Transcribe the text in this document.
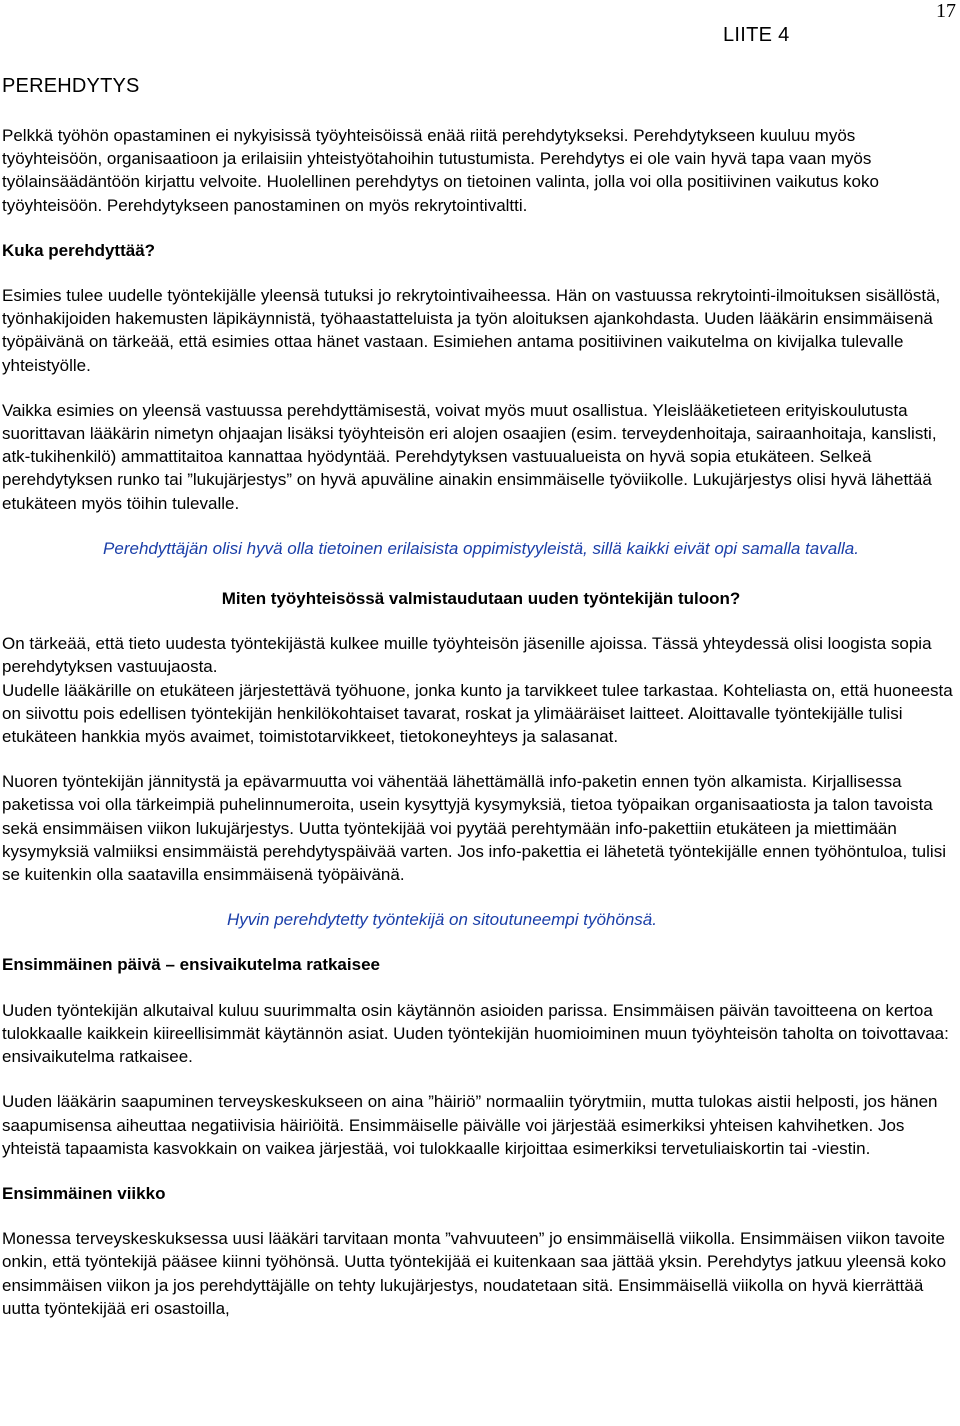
17
LIITE 4
PEREHDYTYS

Pelkkä työhön opastaminen ei nykyisissä työyhteisöissä enää riitä perehdytykseksi. Perehdytykseen kuuluu myös työyhteisöön, organisaatioon ja erilaisiin yhteistyötahoihin tutustumista. Perehdytys ei ole vain hyvä tapa vaan myös työlainsäädäntöön kirjattu velvoite. Huolellinen perehdytys on tietoinen valinta, jolla voi olla positiivinen vaikutus koko työyhteisöön. Perehdytykseen panostaminen on myös rekrytointivaltti.

Kuka perehdyttää?

Esimies tulee uudelle työntekijälle yleensä tutuksi jo rekrytointivaiheessa. Hän on vastuussa rekrytointi-ilmoituksen sisällöstä, työnhakijoiden hakemusten läpikäynnistä, työhaastatteluista ja työn aloituksen ajankohdasta. Uuden lääkärin ensimmäisenä työpäivänä on tärkeää, että esimies ottaa hänet vastaan. Esimiehen antama positiivinen vaikutelma on kivijalka tulevalle yhteistyölle.

Vaikka esimies on yleensä vastuussa perehdyttämisestä, voivat myös muut osallistua. Yleislääketieteen erityiskoulutusta suorittavan lääkärin nimetyn ohjaajan lisäksi työyhteisön eri alojen osaajien (esim. terveydenhoitaja, sairaanhoitaja, kanslisti, atk-tukihenkilö) ammattitaitoa kannattaa hyödyntää. Perehdytyksen vastuualueista on hyvä sopia etukäteen. Selkeä perehdytyksen runko tai ”lukujärjestys” on hyvä apuväline ainakin ensimmäiselle työviikolle. Lukujärjestys olisi hyvä lähettää etukäteen myös töihin tulevalle.

Perehdyttäjän olisi hyvä olla tietoinen erilaisista oppimistyyleistä, sillä kaikki eivät opi samalla tavalla.

Miten työyhteisössä valmistaudutaan uuden työntekijän tuloon?

On tärkeää, että tieto uudesta työntekijästä kulkee muille työyhteisön jäsenille ajoissa. Tässä yhteydessä olisi loogista sopia perehdytyksen vastuujaosta.

Uudelle lääkärille on etukäteen järjestettävä työhuone, jonka kunto ja tarvikkeet tulee tarkastaa. Kohteliasta on, että huoneesta on siivottu pois edellisen työntekijän henkilökohtaiset tavarat, roskat ja ylimääräiset laitteet. Aloittavalle työntekijälle tulisi etukäteen hankkia myös avaimet, toimistotarvikkeet, tietokoneyhteys ja salasanat.

Nuoren työntekijän jännitystä ja epävarmuutta voi vähentää lähettämällä info-paketin ennen työn alkamista. Kirjallisessa paketissa voi olla tärkeimpiä puhelinnumeroita, usein kysyttyjä kysymyksiä, tietoa työpaikan organisaatiosta ja talon tavoista sekä ensimmäisen viikon lukujärjestys. Uutta työntekijää voi pyytää perehtymään info-pakettiin etukäteen ja miettimään kysymyksiä valmiiksi ensimmäistä perehdytyspäivää varten. Jos info-pakettia ei lähetetä työntekijälle ennen työhöntuloa, tulisi se kuitenkin olla saatavilla ensimmäisenä työpäivänä.

Hyvin perehdytetty työntekijä on sitoutuneempi työhönsä.

Ensimmäinen päivä – ensivaikutelma ratkaisee

Uuden työntekijän alkutaival kuluu suurimmalta osin käytännön asioiden parissa. Ensimmäisen päivän tavoitteena on kertoa tulokkaalle kaikkein kiireellisimmät käytännön asiat. Uuden työntekijän huomioiminen muun työyhteisön taholta on toivottavaa: ensivaikutelma ratkaisee.

Uuden lääkärin saapuminen terveyskeskukseen on aina ”häiriö” normaaliin työrytmiin, mutta tulokas aistii helposti, jos hänen saapumisensa aiheuttaa negatiivisia häiriöitä. Ensimmäiselle päivälle voi järjestää esimerkiksi yhteisen kahvihetken. Jos yhteistä tapaamista kasvokkain on vaikea järjestää, voi tulokkaalle kirjoittaa esimerkiksi tervetuliaiskortin tai -viestin.

Ensimmäinen viikko

Monessa terveyskeskuksessa uusi lääkäri tarvitaan monta ”vahvuuteen” jo ensimmäisellä viikolla. Ensimmäisen viikon tavoite onkin, että työntekijä pääsee kiinni työhönsä. Uutta työntekijää ei kuitenkaan saa jättää yksin. Perehdytys jatkuu yleensä koko ensimmäisen viikon ja jos perehdyttäjälle on tehty lukujärjestys, noudatetaan sitä. Ensimmäisellä viikolla on hyvä kierrättää uutta työntekijää eri osastoilla,
